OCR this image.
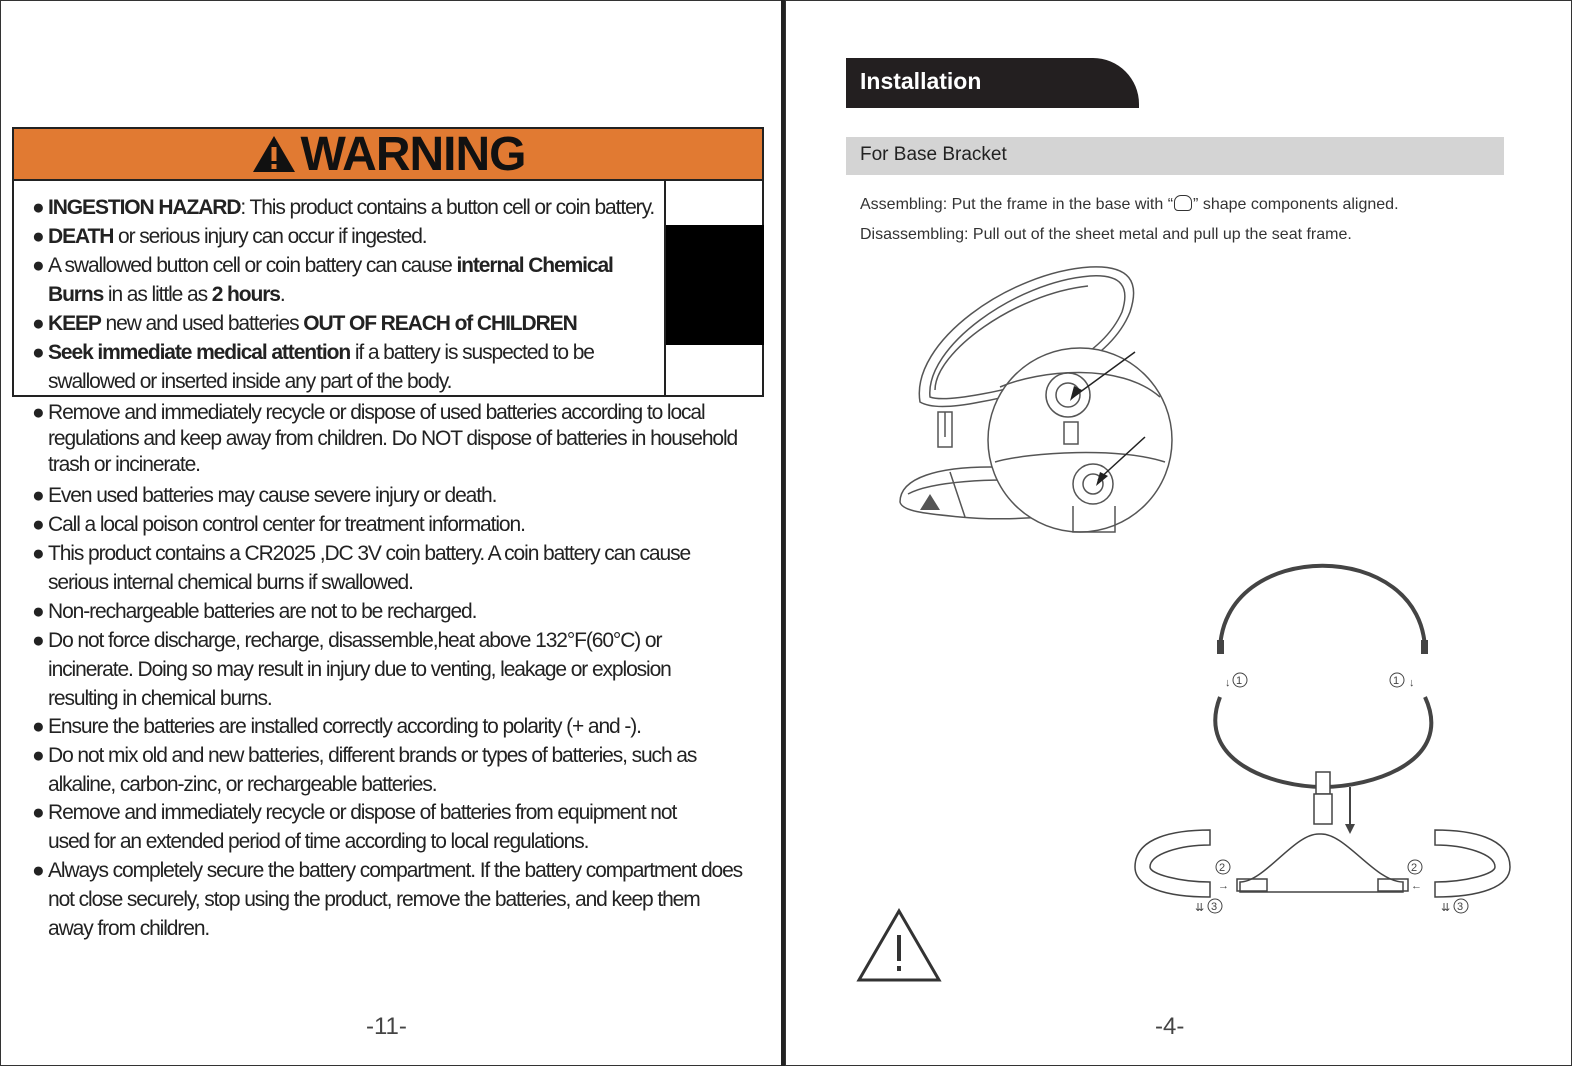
WARNING
● INGESTION HAZARD: This product contains a button cell or coin battery.
● DEATH or serious injury can occur if ingested.
● A swallowed button cell or coin battery can cause internal Chemical Burns in as little as 2 hours.
● KEEP new and used batteries OUT OF REACH of CHILDREN
● Seek immediate medical attention if a battery is suspected to be swallowed or inserted inside any part of the body.
● Remove and immediately recycle or dispose of used batteries according to local regulations and keep away from children. Do NOT dispose of batteries in household trash or incinerate.
● Even used batteries may cause severe injury or death.
● Call a local poison control center for treatment information.
● This product contains a CR2025 ,DC 3V coin battery. A coin battery can cause serious internal chemical burns if swallowed.
● Non-rechargeable batteries are not to be recharged.
● Do not force discharge, recharge, disassemble,heat above 132°F(60°C) or incinerate. Doing so may result in injury due to venting, leakage or explosion resulting in chemical burns.
● Ensure the batteries are installed correctly according to polarity (+ and -).
● Do not mix old and new batteries, different brands or types of batteries, such as alkaline, carbon-zinc, or rechargeable batteries.
● Remove and immediately recycle or dispose of batteries from equipment not used for an extended period of time according to local regulations.
● Always completely secure the battery compartment. If the battery compartment does not close securely, stop using the product, remove the batteries, and keep them away from children.
-11-
Installation
For Base Bracket
Assembling: Put the frame in the base with “ ” shape components aligned.
Disassembling: Pull out of the sheet metal and pull up the seat frame.
↓ 1	1 ↓
2
→
2
←
⇊ 3	⇊ 3
-4-
